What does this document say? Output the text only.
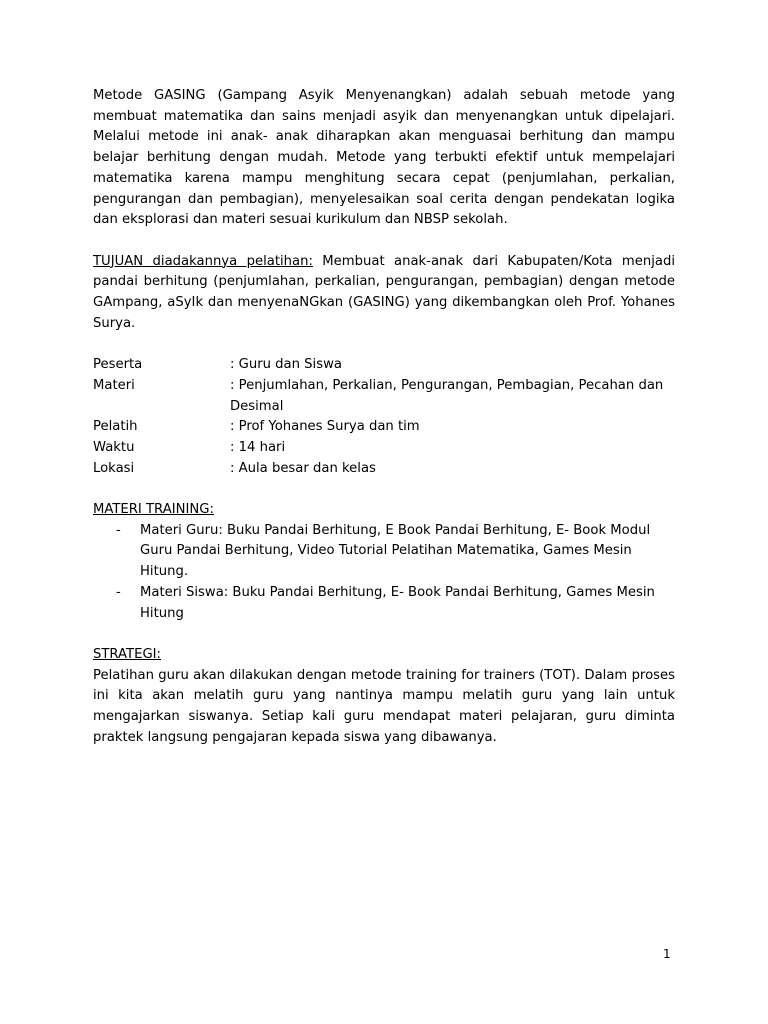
Metode GASING (Gampang Asyik Menyenangkan) adalah sebuah metode yang membuat matematika dan sains menjadi asyik dan menyenangkan untuk dipelajari. Melalui metode ini anak- anak diharapkan akan menguasai berhitung dan mampu belajar berhitung dengan mudah. Metode yang terbukti efektif untuk mempelajari matematika karena mampu menghitung secara cepat (penjumlahan, perkalian, pengurangan dan pembagian), menyelesaikan soal cerita dengan pendekatan logika dan eksplorasi dan materi sesuai kurikulum dan NBSP sekolah.

TUJUAN diadakannya pelatihan: Membuat anak-anak dari Kabupaten/Kota menjadi pandai berhitung (penjumlahan, perkalian, pengurangan, pembagian) dengan metode GAmpang, aSyIk dan menyenaNGkan (GASING) yang dikembangkan oleh Prof. Yohanes Surya.

Peserta	: Guru dan Siswa
Materi	: Penjumlahan, Perkalian, Pengurangan, Pembagian, Pecahan dan Desimal
Pelatih	: Prof Yohanes Surya dan tim
Waktu	: 14 hari
Lokasi	: Aula besar dan kelas

MATERI TRAINING:

-	Materi Guru: Buku Pandai Berhitung, E Book Pandai Berhitung, E- Book Modul Guru Pandai Berhitung, Video Tutorial Pelatihan Matematika, Games Mesin Hitung.
-	Materi Siswa: Buku Pandai Berhitung, E- Book Pandai Berhitung, Games Mesin Hitung

STRATEGI:

Pelatihan guru akan dilakukan dengan metode training for trainers (TOT). Dalam proses ini kita akan melatih guru yang nantinya mampu melatih guru yang lain untuk mengajarkan siswanya. Setiap kali guru mendapat materi pelajaran, guru diminta praktek langsung pengajaran kepada siswa yang dibawanya.

1
